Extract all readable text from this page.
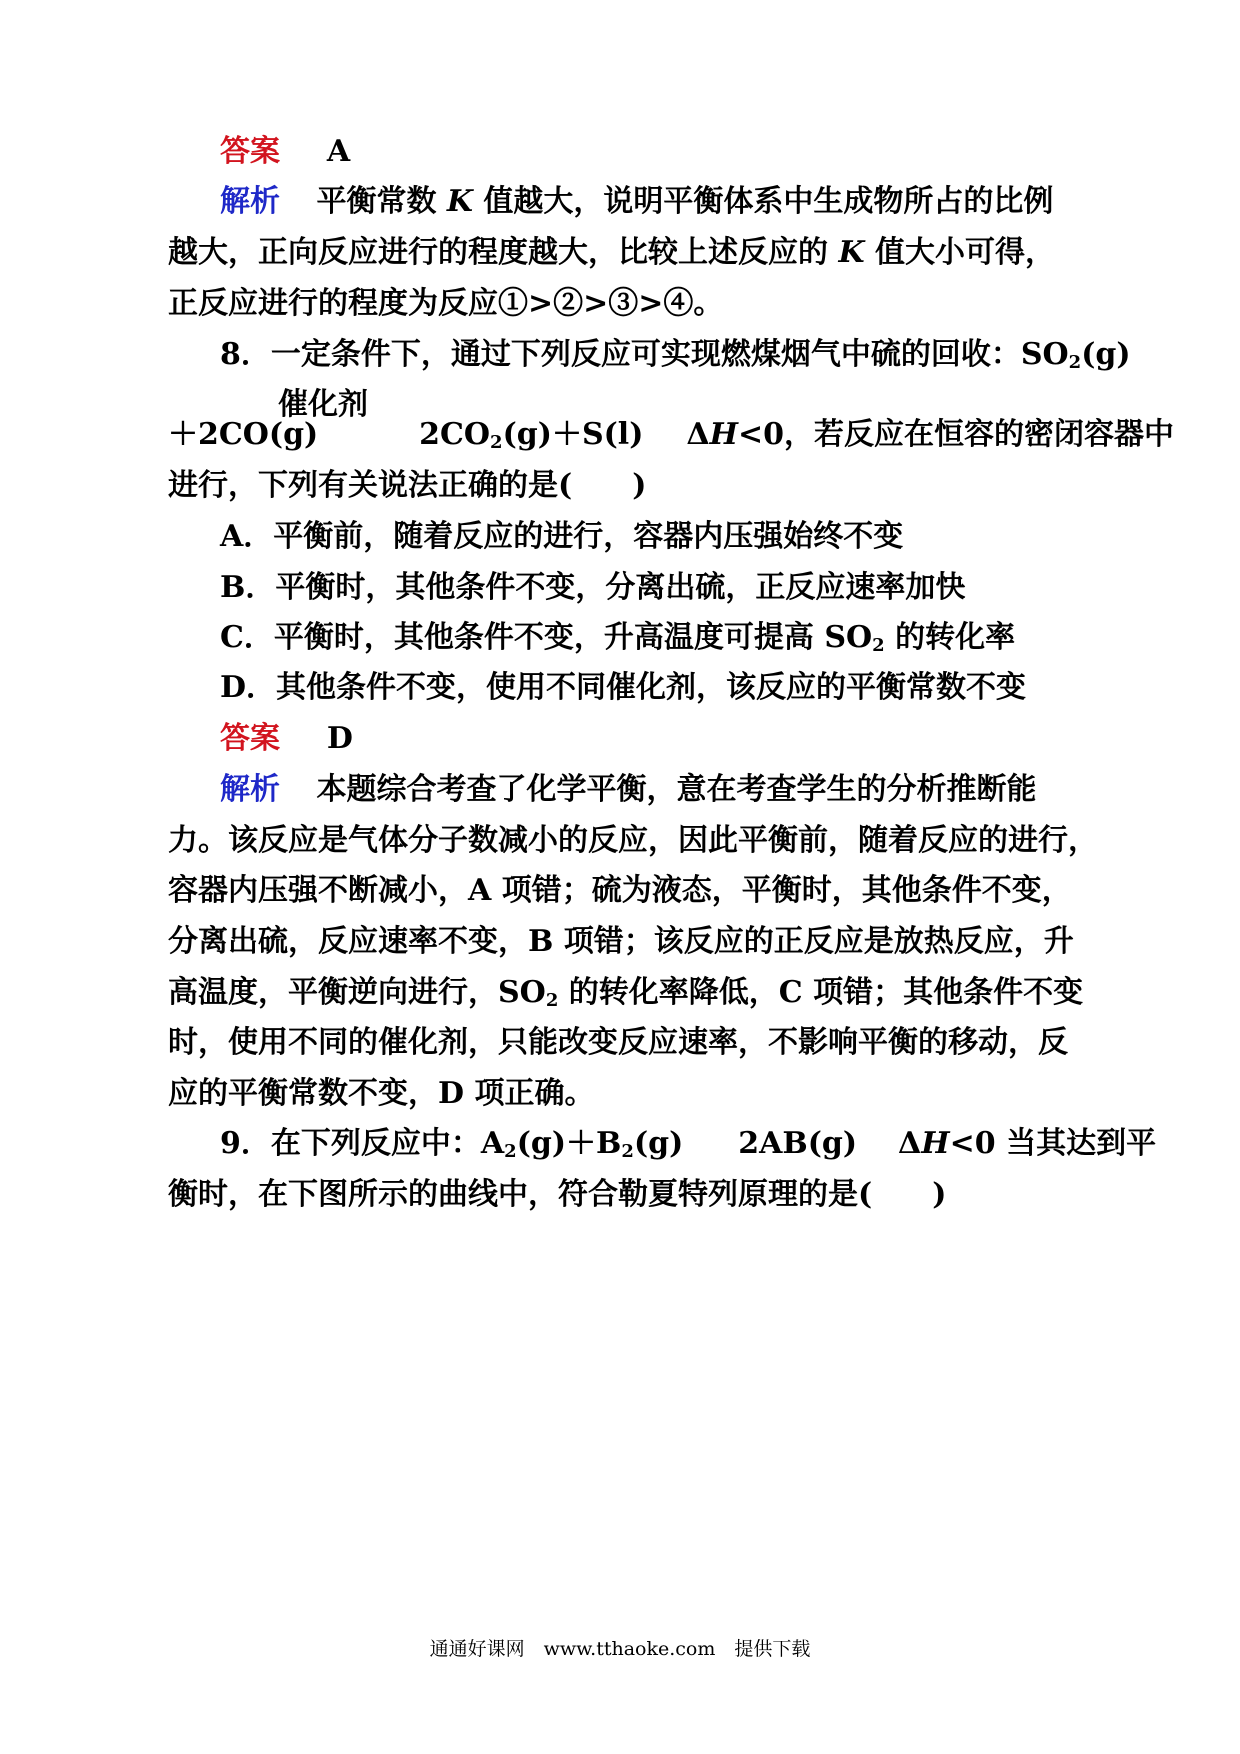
答案 A
解析 平衡常数 K 值越大，说明平衡体系中生成物所占的比例
越大，正向反应进行的程度越大，比较上述反应的 K 值大小可得，
正反应进行的程度为反应①>②>③>④。
8．一定条件下，通过下列反应可实现燃煤烟气中硫的回收：$SO_2(g)$
催化剂
＋2CO(g)	$2CO_2(g)+S(l)$ ΔH<0，若反应在恒容的密闭容器中
进行，下列有关说法正确的是(　　)
A．平衡前，随着反应的进行，容器内压强始终不变
B．平衡时，其他条件不变，分离出硫，正反应速率加快
C．平衡时，其他条件不变，升高温度可提高 $SO_2$ 的转化率
D．其他条件不变，使用不同催化剂，该反应的平衡常数不变
答案 D
解析 本题综合考查了化学平衡，意在考查学生的分析推断能
力。该反应是气体分子数减小的反应，因此平衡前，随着反应的进行，
容器内压强不断减小，A 项错；硫为液态，平衡时，其他条件不变，
分离出硫，反应速率不变，B 项错；该反应的正反应是放热反应，升
高温度，平衡逆向进行，$SO_2$ 的转化率降低，C 项错；其他条件不变
时，使用不同的催化剂，只能改变反应速率，不影响平衡的移动，反
应的平衡常数不变，D 项正确。
9．在下列反应中：$A_2(g)+B_2(g)$ 2AB(g) ΔH<0 当其达到平
衡时，在下图所示的曲线中，符合勒夏特列原理的是(　　)
通通好课网　www.tthaoke.com　提供下载
